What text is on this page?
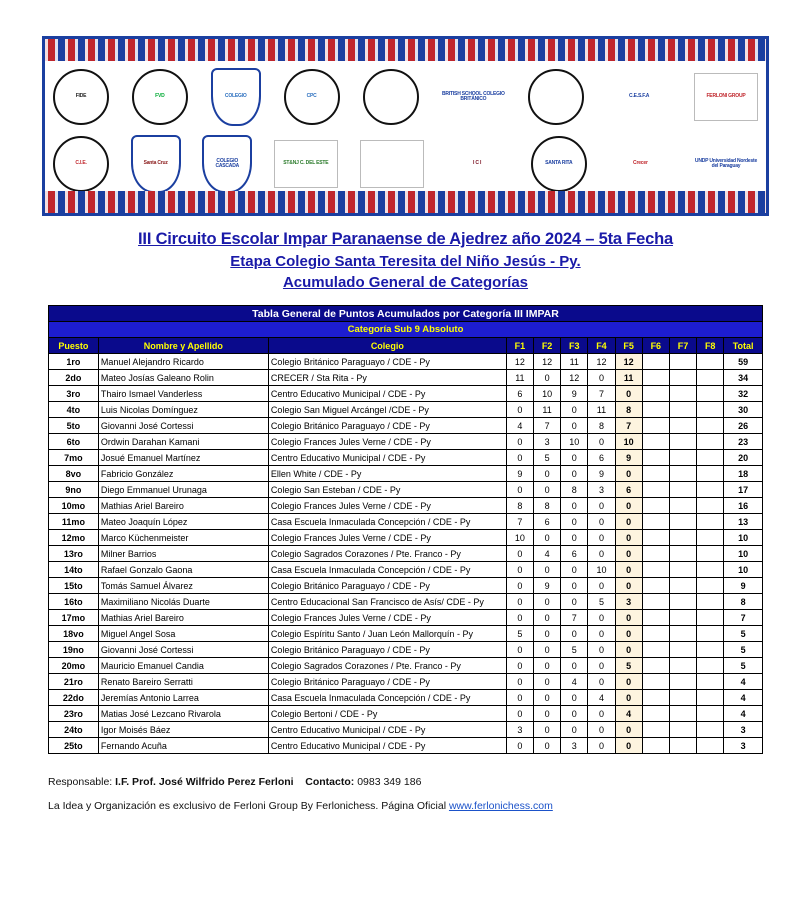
FIDE	FVD	COLEGIO	CPC	CLUB	BRITISH SCHOOL COLEGIO BRITÁNICO	EL REDENTOR	C.E.S.F.A	FERLONI GROUP
C.I.E.	Santa Cruz	COLEGIO CASCADA	ST&NJ C. DEL ESTE	CENTRO EDUCATIVO MUNICIPAL C.D.E.	I C I	SANTA RITA	Crecer	UNDP Universidad Nordeste del Paraguay
III Circuito Escolar Impar Paranaense de Ajedrez año 2024 – 5ta Fecha
Etapa Colegio Santa Teresita del Niño Jesús - Py.
Acumulado General de Categorías
Tabla General de Puntos Acumulados por Categoría III IMPAR											
Categoría Sub 9 Absoluto											
Puesto	Nombre y Apellido	Colegio	F1	F2	F3	F4	F5	F6	F7	F8	Total
1ro	Manuel Alejandro Ricardo	Colegio Británico Paraguayo / CDE - Py	12	12	11	12	12				59
2do	Mateo Josías Galeano Rolin	CRECER / Sta Rita - Py	11	0	12	0	11				34
3ro	Thairo Ismael Vanderless	Centro Educativo Municipal / CDE - Py	6	10	9	7	0				32
4to	Luis Nicolas Domínguez	Colegio San Miguel Arcángel /CDE - Py	0	11	0	11	8				30
5to	Giovanni José Cortessi	Colegio Británico Paraguayo / CDE - Py	4	7	0	8	7				26
6to	Ordwin Darahan Kamani	Colegio Frances Jules Verne / CDE - Py	0	3	10	0	10				23
7mo	Josué Emanuel Martínez	Centro Educativo Municipal / CDE - Py	0	5	0	6	9				20
8vo	Fabricio González	Ellen White / CDE - Py	9	0	0	9	0				18
9no	Diego Emmanuel Urunaga	Colegio San Esteban / CDE - Py	0	0	8	3	6				17
10mo	Mathias Ariel Bareiro	Colegio Frances Jules Verne / CDE - Py	8	8	0	0	0				16
11mo	Mateo Joaquín López	Casa Escuela Inmaculada Concepción / CDE - Py	7	6	0	0	0				13
12mo	Marco Küchenmeister	Colegio Frances Jules Verne / CDE - Py	10	0	0	0	0				10
13ro	Milner Barrios	Colegio Sagrados Corazones / Pte. Franco - Py	0	4	6	0	0				10
14to	Rafael Gonzalo Gaona	Casa Escuela Inmaculada Concepción / CDE - Py	0	0	0	10	0				10
15to	Tomás Samuel Álvarez	Colegio Británico Paraguayo / CDE - Py	0	9	0	0	0				9
16to	Maximiliano Nicolás Duarte	Centro Educacional San Francisco de Asís/ CDE - Py	0	0	0	5	3				8
17mo	Mathias Ariel Bareiro	Colegio Frances Jules Verne / CDE - Py	0	0	7	0	0				7
18vo	Miguel Angel Sosa	Colegio Espíritu Santo / Juan León Mallorquín - Py	5	0	0	0	0				5
19no	Giovanni José Cortessi	Colegio Británico Paraguayo / CDE - Py	0	0	5	0	0				5
20mo	Mauricio Emanuel Candia	Colegio Sagrados Corazones / Pte. Franco - Py	0	0	0	0	5				5
21ro	Renato Bareiro Serratti	Colegio Británico Paraguayo / CDE - Py	0	0	4	0	0				4
22do	Jeremías Antonio Larrea	Casa Escuela Inmaculada Concepción / CDE - Py	0	0	0	4	0				4
23ro	Matias José Lezcano Rivarola	Colegio Bertoni / CDE - Py	0	0	0	0	4				4
24to	Igor Moisés Báez	Centro Educativo Municipal / CDE - Py	3	0	0	0	0				3
25to	Fernando Acuña	Centro Educativo Municipal / CDE - Py	0	0	3	0	0				3
Responsable: I.F. Prof. José Wilfrido Perez Ferloni Contacto: 0983 349 186
La Idea y Organización es exclusivo de Ferloni Group By Ferlonichess. Página Oficial www.ferlonichess.com
